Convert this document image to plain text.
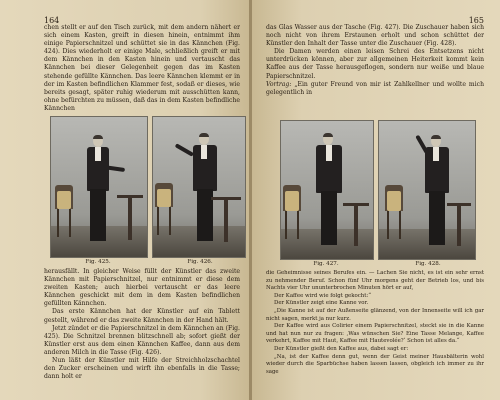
164

chen stellt er auf den Tisch zurück, mit dem andern nähert er sich einem Kasten, greift in diesen hinein, entnimmt ihm einige Papierschnitzel und schüttet sie in das Kännchen (Fig. 424). Dies wiederholt er einige Male, schließlich greift er mit dem Kännchen in den Kasten hinein und vertauscht das Kännchen bei dieser Gelegenheit gegen das im Kasten stehende gefüllte Kännchen. Das leere Kännchen klemmt er in der im Kasten befindlichen Klammer fest, sodaß er dieses, wie bereits gesagt, später ruhig wiederum mit ausschütten kann, ohne befürchten zu müssen, daß das in dem Kasten befindliche Kännchen

Fig. 425.	Fig. 426.

herausfällt. In gleicher Weise füllt der Künstler das zweite Kännchen mit Papierschnitzel, nur entnimmt er diese dem zweiten Kasten; auch hierbei vertauscht er das leere Kännchen geschickt mit dem in dem Kasten befindlichen gefüllten Kännchen.

Das erste Kännchen hat der Künstler auf ein Tablett gestellt, während er das zweite Kännchen in der Hand hält.

Jetzt zündet er die Papierschnitzel in dem Kännchen an (Fig. 425). Die Schnitzel brennen blitzschnell ab; sofort gießt der Künstler erst aus dem einen Kännchen Kaffee, dann aus dem anderen Milch in die Tasse (Fig. 426).

Nun läßt der Künstler mit Hilfe der Streichholzschachtel den Zucker erscheinen und wirft ihn ebenfalls in die Tasse; dann holt er

165

das Glas Wasser aus der Tasche (Fig. 427). Die Zuschauer haben sich noch nicht von ihrem Erstaunen erholt und schon schüttet der Künstler den Inhalt der Tasse unter die Zuschauer (Fig. 428).

Die Damen werden einen leisen Schrei des Entsetzens nicht unterdrücken können, aber zur allgemeinen Heiterkeit kommt kein Kaffee aus der Tasse herausgeflogen, sondern nur weiße und blaue Papierschnitzel.

Vortrag: „Ein guter Freund von mir ist Zahlkellner und wollte mich gelegentlich in

Fig. 427.	Fig. 428.

die Geheimnisse seines Berufes ein. — Lachen Sie nicht, es ist ein sehr ernst zu nehmender Beruf. Schon fünf Uhr morgens geht der Betrieb los, und bis Nachts vier Uhr ununterbrochen Minuten hört er auf,

Der Kaffee wird wie folgt gekocht:“

Der Künstler zeigt eine Kanne vor.

„Die Kanne ist auf der Außenseite glänzend, von der Innenseite will ich gar nicht sagen, merkt ja nur kurz.

Der Kaffee wird aus Colirier einem Papierschnitzel, steckt sie in die Kanne und hat nun nur zu fragen: ‚Was wünschen Sie? Eine Tasse Melange, Kaffee verkehrt, Kaffee mit Haut, Kaffee mit Hautevolée?‘ Schon ist alles da.“

Der Künstler gießt den Kaffee aus, dabei sagt er:

„Na, ist der Kaffee denn gut, wenn der Geist meiner Hausbälterin wohl wieder durch die Sparbüchse haben lassen lassen, obgleich ich immer zu ihr sage
